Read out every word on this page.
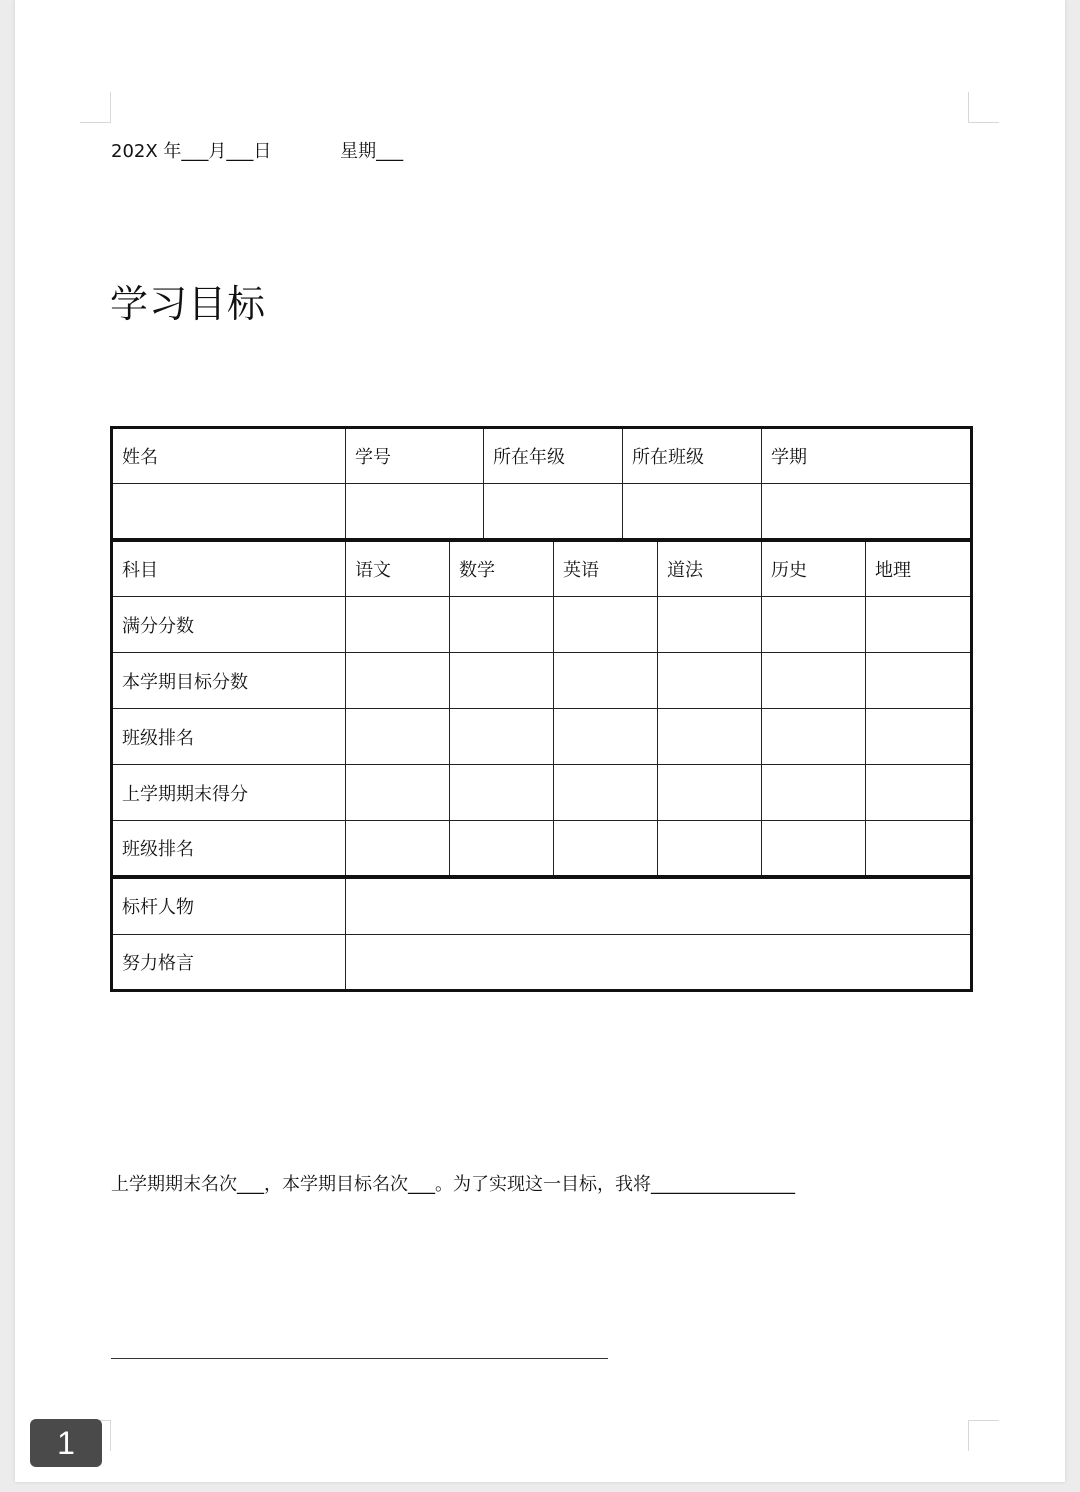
202X 年___月___日            星期___
学习目标
姓名	学号	所在年级	所在班级	学期

科目	语文	数学	英语	道法	历史	地理
满分分数						
本学期目标分数						
班级排名						
上学期期末得分						
班级排名						
标杆人物	
努力格言	
上学期期末名次___，本学期目标名次___。为了实现这一目标，我将________________
1
